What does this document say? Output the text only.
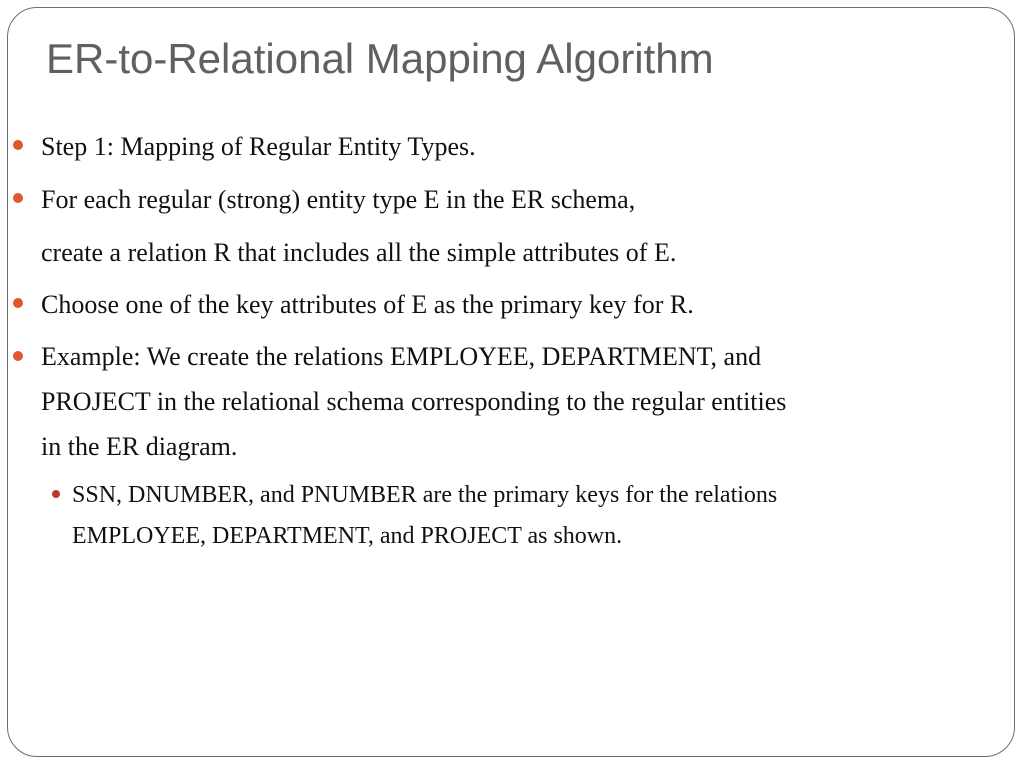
ER-to-Relational Mapping Algorithm
Step 1: Mapping of Regular Entity Types.
For each regular (strong) entity type E in the ER schema,
create a relation R that includes all the simple attributes of E.
Choose one of the key attributes of E as the primary key for R.
Example: We create the relations EMPLOYEE, DEPARTMENT, and
PROJECT in the relational schema corresponding to the regular entities
in the ER diagram.
SSN, DNUMBER, and PNUMBER are the primary keys for the relations
EMPLOYEE, DEPARTMENT, and PROJECT as shown.
